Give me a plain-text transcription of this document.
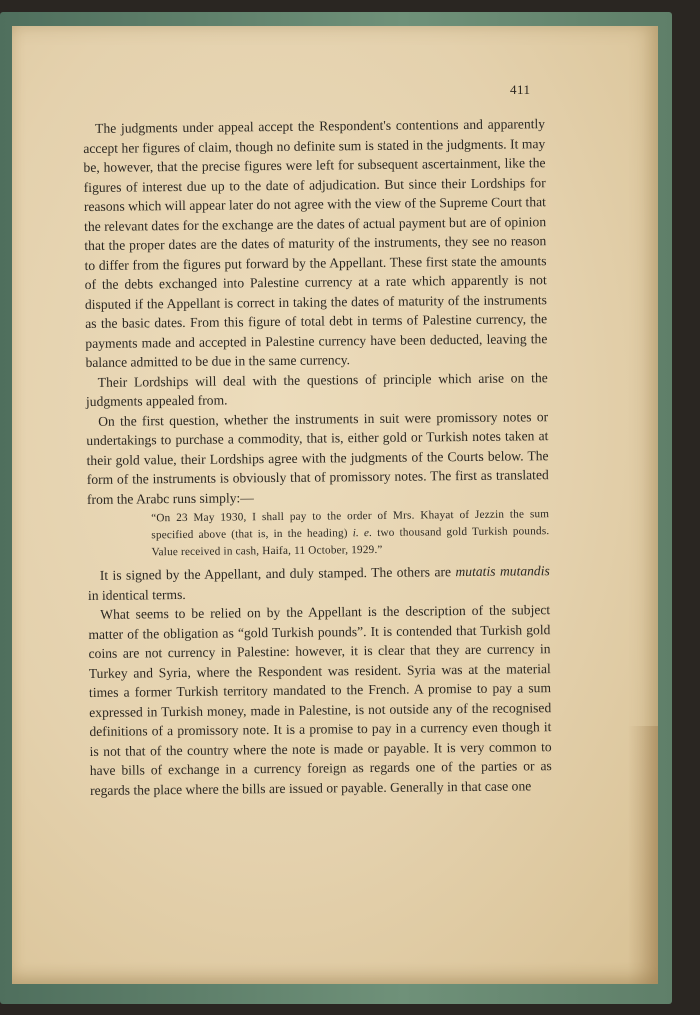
411

The judgments under appeal accept the Respondent's contentions and apparently accept her figures of claim, though no definite sum is stated in the judgments. It may be, however, that the precise figures were left for subsequent ascertainment, like the figures of interest due up to the date of adjudication. But since their Lordships for reasons which will appear later do not agree with the view of the Supreme Court that the relevant dates for the exchange are the dates of actual payment but are of opinion that the proper dates are the dates of maturity of the instruments, they see no reason to differ from the figures put forward by the Appellant. These first state the amounts of the debts exchanged into Palestine currency at a rate which apparently is not disputed if the Appellant is correct in taking the dates of maturity of the instruments as the basic dates. From this figure of total debt in terms of Palestine currency, the payments made and accepted in Palestine currency have been deducted, leaving the balance admitted to be due in the same currency.

Their Lordships will deal with the questions of principle which arise on the judgments appealed from.

On the first question, whether the instruments in suit were promissory notes or undertakings to purchase a commodity, that is, either gold or Turkish notes taken at their gold value, their Lordships agree with the judgments of the Courts below. The form of the instruments is obviously that of promissory notes. The first as translated from the Arabc runs simply:—

“On 23 May 1930, I shall pay to the order of Mrs. Khayat of Jezzin the sum specified above (that is, in the heading) i. e. two thousand gold Turkish pounds. Value received in cash, Haifa, 11 October, 1929.”

It is signed by the Appellant, and duly stamped. The others are mutatis mutandis in identical terms.

What seems to be relied on by the Appellant is the description of the subject matter of the obligation as “gold Turkish pounds”. It is contended that Turkish gold coins are not currency in Palestine: however, it is clear that they are currency in Turkey and Syria, where the Respondent was resident. Syria was at the material times a former Turkish territory mandated to the French. A promise to pay a sum expressed in Turkish money, made in Palestine, is not outside any of the recognised definitions of a promissory note. It is a promise to pay in a currency even though it is not that of the country where the note is made or payable. It is very common to have bills of exchange in a currency foreign as regards one of the parties or as regards the place where the bills are issued or payable. Generally in that case one
